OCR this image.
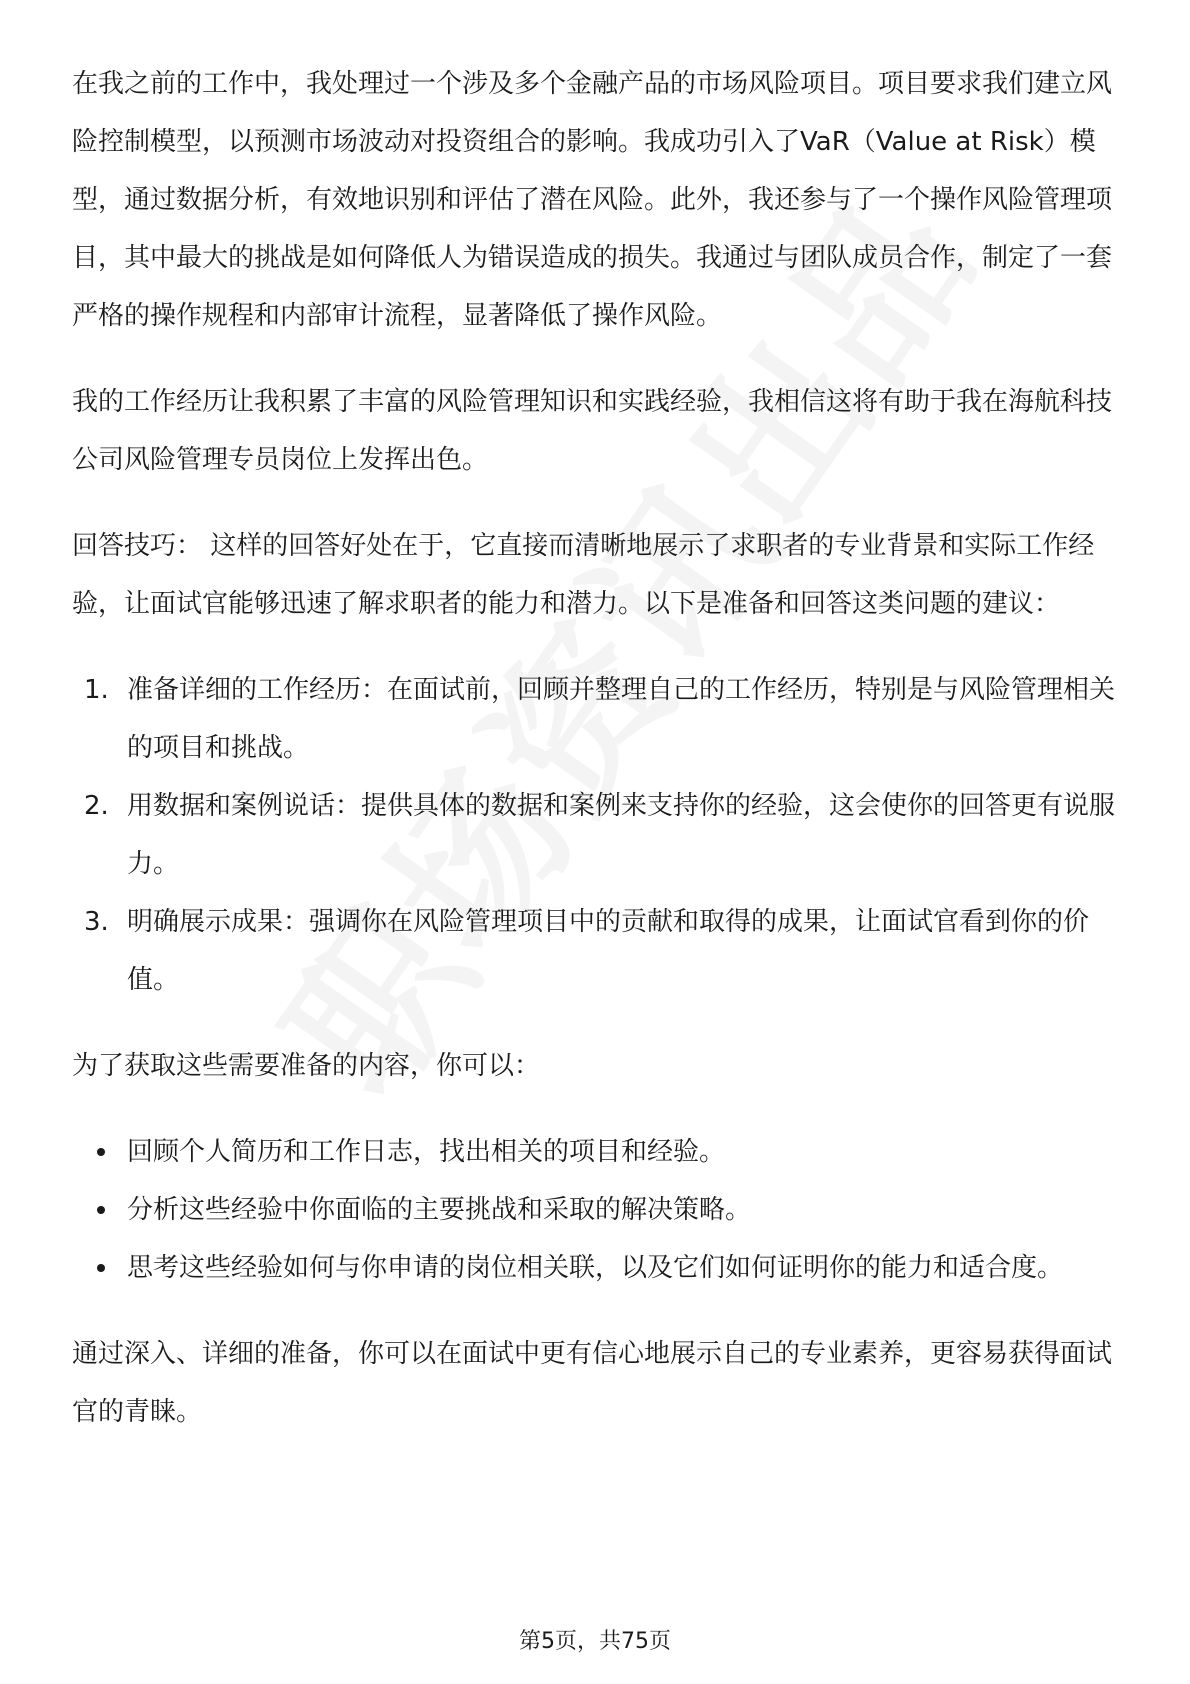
在我之前的工作中，我处理过一个涉及多个金融产品的市场风险项目。项目要求我们建立风险控制模型，以预测市场波动对投资组合的影响。我成功引入了VaR（Value at Risk）模型，通过数据分析，有效地识别和评估了潜在风险。此外，我还参与了一个操作风险管理项目，其中最大的挑战是如何降低人为错误造成的损失。我通过与团队成员合作，制定了一套严格的操作规程和内部审计流程，显著降低了操作风险。

我的工作经历让我积累了丰富的风险管理知识和实践经验，我相信这将有助于我在海航科技公司风险管理专员岗位上发挥出色。

回答技巧： 这样的回答好处在于，它直接而清晰地展示了求职者的专业背景和实际工作经验，让面试官能够迅速了解求职者的能力和潜力。以下是准备和回答这类问题的建议：

1. 准备详细的工作经历：在面试前，回顾并整理自己的工作经历，特别是与风险管理相关的项目和挑战。
2. 用数据和案例说话：提供具体的数据和案例来支持你的经验，这会使你的回答更有说服力。
3. 明确展示成果：强调你在风险管理项目中的贡献和取得的成果，让面试官看到你的价值。

为了获取这些需要准备的内容，你可以：

回顾个人简历和工作日志，找出相关的项目和经验。
分析这些经验中你面临的主要挑战和采取的解决策略。
思考这些经验如何与你申请的岗位相关联，以及它们如何证明你的能力和适合度。

通过深入、详细的准备，你可以在面试中更有信心地展示自己的专业素养，更容易获得面试官的青睐。

第5页，共75页
